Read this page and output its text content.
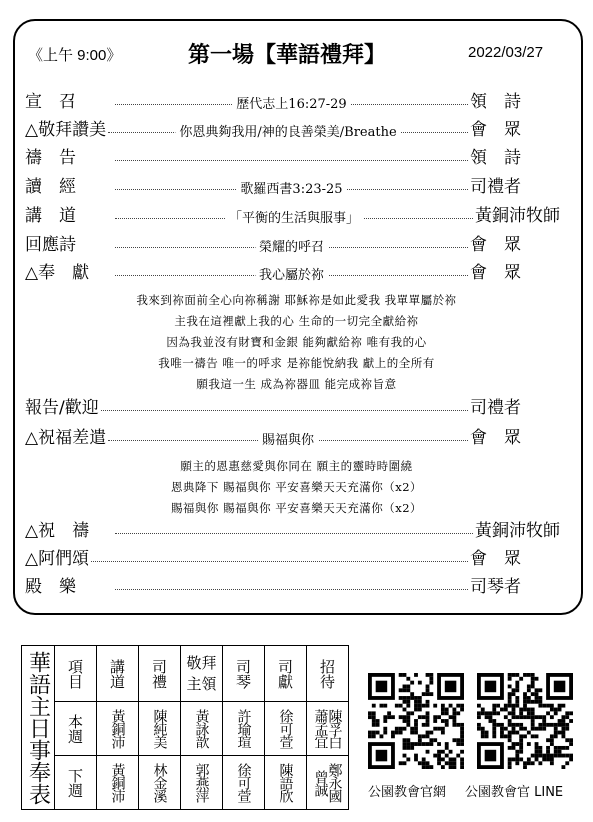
《上午 9:00》	第一場【華語禮拜】	2022/03/27
宣　召	歷代志上16:27-29	領　詩
△敬拜讚美	你恩典夠我用/神的良善榮美/Breathe	會　眾
禱　告	領　詩
讀　經	歌羅西書3:23-25	司禮者
講　道	「平衡的生活與服事」	黃銅沛牧師
回應詩	榮耀的呼召	會　眾
△奉　獻	我心屬於祢	會　眾
報告/歡迎	司禮者
△祝福差遣	賜福與你	會　眾
△祝　禱	黃銅沛牧師
△阿們頌	會　眾
殿　樂	司琴者
我來到祢面前全心向祢稱謝 耶穌祢是如此愛我 我單單屬於祢
主我在這裡獻上我的心 生命的一切完全獻給祢
因為我並沒有財寶和金銀 能夠獻給祢 唯有我的心
我唯一禱告 唯一的呼求 是祢能悅納我 獻上的全所有
願我這一生 成為祢器皿 能完成祢旨意
願主的恩惠慈愛與你同在 願主的靈時時圍繞
恩典降下 賜福與你 平安喜樂天天充滿你（x2）
賜福與你 賜福與你 平安喜樂天天充滿你（x2）
華語主日事奉表	項目	講道	司禮	敬拜主領	司琴	司獻	招待
	本週	黃銅沛	陳純美	黃詠歆	許瑜瑄	徐可萱	陳孚白 蕭孟宜
	下週	黃銅沛	林金溪	郭燕萍	徐可萱	陳語欣	鄭永國 曾誠	公園教會官網 公園教會官 LINE
